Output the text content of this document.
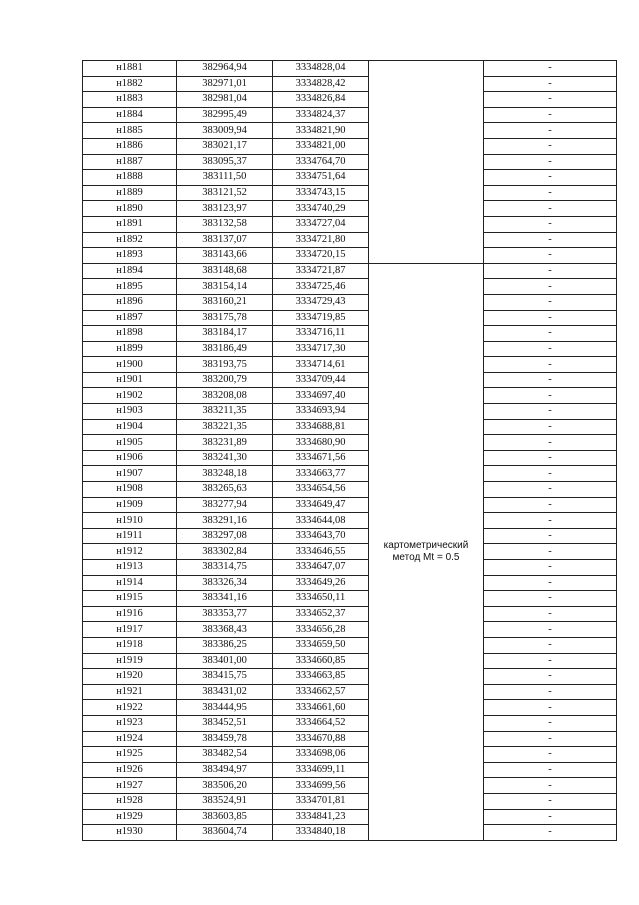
н1881	382964,94	3334828,04		-
н1882	382971,01	3334828,42		-
н1883	382981,04	3334826,84		-
н1884	382995,49	3334824,37		-
н1885	383009,94	3334821,90		-
н1886	383021,17	3334821,00		-
н1887	383095,37	3334764,70		-
н1888	383111,50	3334751,64		-
н1889	383121,52	3334743,15		-
н1890	383123,97	3334740,29		-
н1891	383132,58	3334727,04		-
н1892	383137,07	3334721,80		-
н1893	383143,66	3334720,15		-
н1894	383148,68	3334721,87	картометрический метод Mt = 0.5	-
н1895	383154,14	3334725,46		-
н1896	383160,21	3334729,43		-
н1897	383175,78	3334719,85		-
н1898	383184,17	3334716,11		-
н1899	383186,49	3334717,30		-
н1900	383193,75	3334714,61		-
н1901	383200,79	3334709,44		-
н1902	383208,08	3334697,40		-
н1903	383211,35	3334693,94		-
н1904	383221,35	3334688,81		-
н1905	383231,89	3334680,90		-
н1906	383241,30	3334671,56		-
н1907	383248,18	3334663,77		-
н1908	383265,63	3334654,56		-
н1909	383277,94	3334649,47		-
н1910	383291,16	3334644,08		-
н1911	383297,08	3334643,70		-
н1912	383302,84	3334646,55		-
н1913	383314,75	3334647,07		-
н1914	383326,34	3334649,26		-
н1915	383341,16	3334650,11		-
н1916	383353,77	3334652,37		-
н1917	383368,43	3334656,28		-
н1918	383386,25	3334659,50		-
н1919	383401,00	3334660,85		-
н1920	383415,75	3334663,85		-
н1921	383431,02	3334662,57		-
н1922	383444,95	3334661,60		-
н1923	383452,51	3334664,52		-
н1924	383459,78	3334670,88		-
н1925	383482,54	3334698,06		-
н1926	383494,97	3334699,11		-
н1927	383506,20	3334699,56		-
н1928	383524,91	3334701,81		-
н1929	383603,85	3334841,23		-
н1930	383604,74	3334840,18		-
